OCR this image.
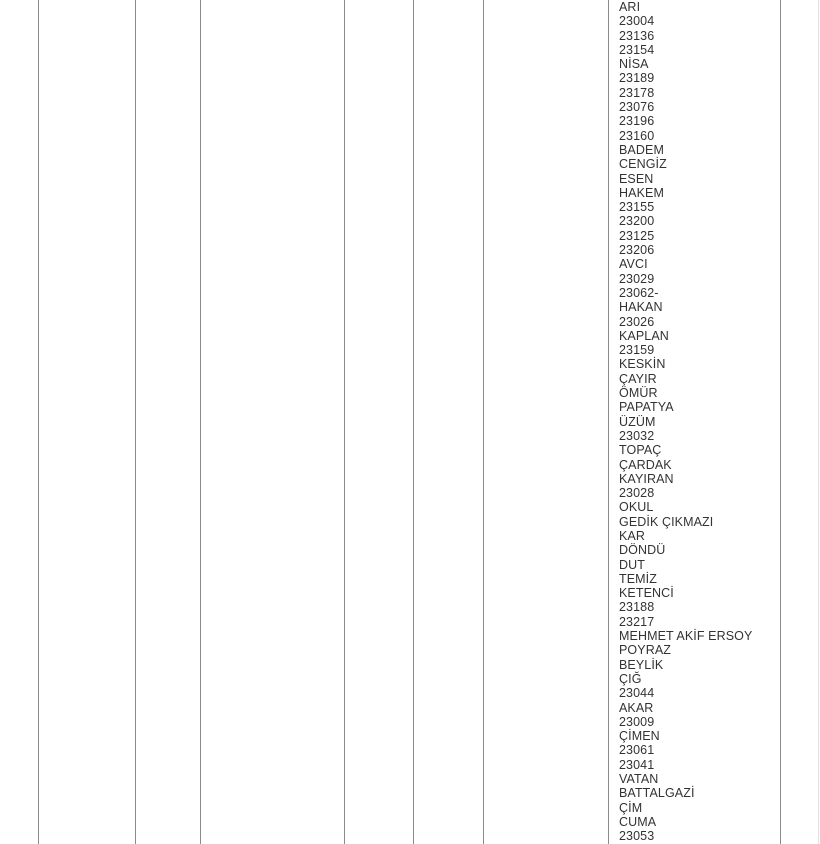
ARI
23004
23136
23154
NİSA
23189
23178
23076
23196
23160
BADEM
CENGİZ
ESEN
HAKEM
23155
23200
23125
23206
AVCI
23029
23062-
HAKAN
23026
KAPLAN
23159
KESKİN
ÇAYIR
ÖMÜR
PAPATYA
ÜZÜM
23032
TOPAÇ
ÇARDAK
KAYIRAN
23028
OKUL
GEDİK ÇIKMAZI
KAR
DÖNDÜ
DUT
TEMİZ
KETENCİ
23188
23217
MEHMET AKİF ERSOY
POYRAZ
BEYLİK
ÇIĞ
23044
AKAR
23009
ÇİMEN
23061
23041
VATAN
BATTALGAZİ
ÇİM
CUMA
23053
